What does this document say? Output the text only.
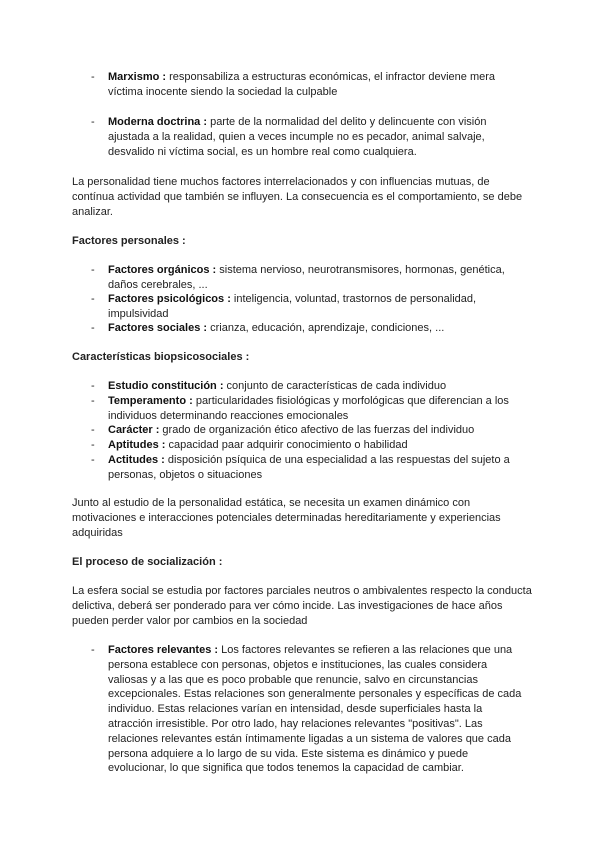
- Marxismo : responsabiliza a estructuras económicas, el infractor deviene mera víctima inocente siendo la sociedad la culpable
- Moderna doctrina : parte de la normalidad del delito y delincuente con visión ajustada a la realidad, quien a veces incumple no es pecador, animal salvaje, desvalido ni víctima social, es un hombre real como cualquiera.
La personalidad tiene muchos factores interrelacionados y con influencias mutuas, de contínua actividad que también se influyen. La consecuencia es el comportamiento, se debe analizar.
Factores personales :
- Factores orgánicos : sistema nervioso, neurotransmisores, hormonas, genética, daños cerebrales, ...
- Factores psicológicos : inteligencia, voluntad, trastornos de personalidad, impulsividad
- Factores sociales : crianza, educación, aprendizaje, condiciones, ...
Características biopsicosociales :
- Estudio constitución : conjunto de características de cada individuo
- Temperamento : particularidades fisiológicas y morfológicas que diferencian a los individuos determinando reacciones emocionales
- Carácter : grado de organización ético afectivo de las fuerzas del individuo
- Aptitudes : capacidad paar adquirir conocimiento o habilidad
- Actitudes : disposición psíquica de una especialidad a las respuestas del sujeto a personas, objetos o situaciones
Junto al estudio de la personalidad estática, se necesita un examen dinámico con motivaciones e interacciones potenciales determinadas hereditariamente y experiencias adquiridas
El proceso de socialización :
La esfera social se estudia por factores parciales neutros o ambivalentes respecto la conducta delictiva, deberá ser ponderado para ver cómo incide. Las investigaciones de hace años pueden perder valor por cambios en la sociedad
- Factores relevantes : Los factores relevantes se refieren a las relaciones que una persona establece con personas, objetos e instituciones, las cuales considera valiosas y a las que es poco probable que renuncie, salvo en circunstancias excepcionales. Estas relaciones son generalmente personales y específicas de cada individuo. Estas relaciones varían en intensidad, desde superficiales hasta la atracción irresistible. Por otro lado, hay relaciones relevantes "positivas". Las relaciones relevantes están íntimamente ligadas a un sistema de valores que cada persona adquiere a lo largo de su vida. Este sistema es dinámico y puede evolucionar, lo que significa que todos tenemos la capacidad de cambiar.
